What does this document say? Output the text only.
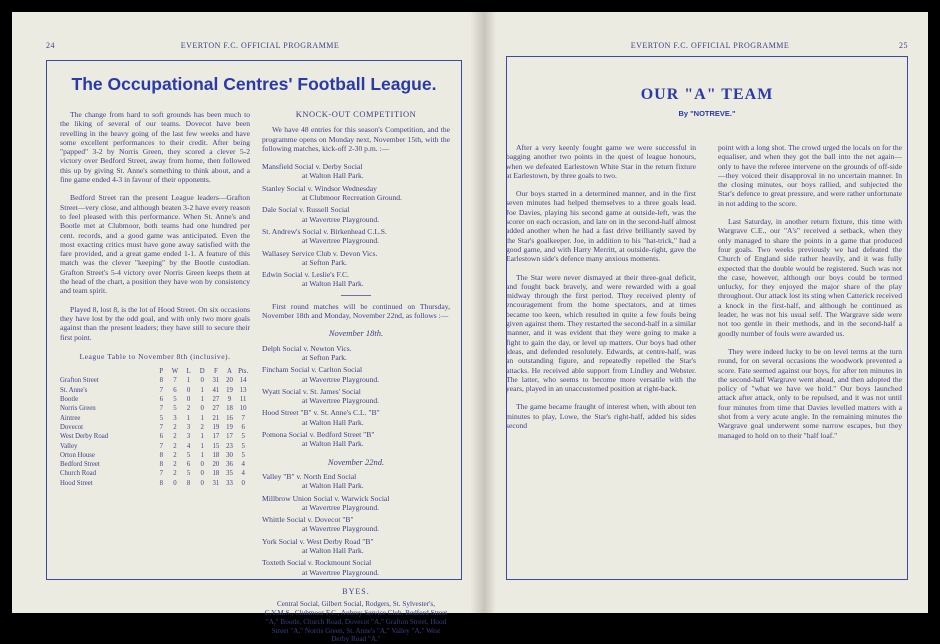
24	EVERTON F.C. OFFICIAL PROGRAMME
The Occupational Centres' Football League.

The change from hard to soft grounds has been much to the liking of several of our teams. Dovecot have been revelling in the heavy going of the last few weeks and have some excellent performances to their credit. After being "papped" 3-2 by Norris Green, they scored a clever 5-2 victory over Bedford Street, away from home, then followed this up by giving St. Anne's something to think about, and a fine game ended 4-3 in favour of their opponents.

Bedford Street ran the present League leaders—Grafton Street—very close, and although beaten 3-2 have every reason to feel pleased with this performance. When St. Anne's and Bootle met at Clubmoor, both teams had one hundred per cent. records, and a good game was anticipated. Even the most exacting critics must have gone away satisfied with the fare provided, and a great game ended 1-1. A feature of this match was the clever "keeping" by the Bootle custodian. Grafton Street's 5-4 victory over Norris Green keeps them at the head of the chart, a position they have won by consistency and team spirit.

Played 8, lost 8, is the lot of Hood Street. On six occasions they have lost by the odd goal, and with only two more goals against than the present leaders; they have still to secure their first point.

League Table to November 8th (inclusive).
	P	W	L	D	F	A	Pts.
Grafton Street	8	7	1	0	31	20	14
St. Anne's	7	6	0	1	41	19	13
Bootle	6	5	0	1	27	9	11
Norris Green	7	5	2	0	27	18	10
Aintree	5	3	1	1	21	16	7
Dovecot	7	2	3	2	19	19	6
West Derby Road	6	2	3	1	17	17	5
Valley	7	2	4	1	15	23	5
Orton House	8	2	5	1	18	30	5
Bedford Street	8	2	6	0	20	36	4
Church Road	7	2	5	0	18	35	4
Hood Street	8	0	8	0	31	33	0
KNOCK-OUT COMPETITION

We have 48 entries for this season's Competition, and the programme opens on Monday next, November 15th, with the following matches, kick-off 2-30 p.m. :—

Mansfield Social v. Derby Social
at Walton Hall Park.
Stanley Social v. Windsor Wednesday
at Clubmoor Recreation Ground.
Dale Social v. Russell Social
at Wavertree Playground.
St. Andrew's Social v. Birkenhead C.L.S.
at Wavertree Playground.
Wallasey Service Club v. Devon Vics.
at Sefton Park.
Edwin Social v. Leslie's F.C.
at Walton Hall Park.

First round matches will be continued on Thursday, November 18th and Monday, November 22nd, as follows :—

November 18th.
Delph Social v. Newton Vics.
at Sefton Park.
Fincham Social v. Carlton Social
at Wavertree Playground.
Wyatt Social v. St. James' Social
at Wavertree Playground.
Hood Street "B" v. St. Anne's C.L. "B"
at Walton Hall Park.
Pomona Social v. Bedford Street "B"
at Walton Hall Park.
November 22nd.
Valley "B" v. North End Social
at Walton Hall Park.
Millbrow Union Social v. Warwick Social
at Wavertree Playground.
Whittle Social v. Dovecot "B"
at Wavertree Playground.
York Social v. West Derby Road "B"
at Walton Hall Park.
Toxteth Social v. Rockmount Social
at Wavertree Playground.
BYES.
Central Social, Gilbert Social, Rodgers, St. Sylvester's, C.Y.M.S., Clubmoor F.C., Aubrey Service Club, Bedford Street "A," Bootle, Church Road, Dovecot "A," Grafton Street, Hood Street "A," Norris Green, St. Anne's "A," Valley "A," West Derby Road "A."
EVERTON F.C. OFFICIAL PROGRAMME	25
OUR "A" TEAM
By "NOTREVE."

After a very keenly fought game we were successful in bagging another two points in the quest of league honours, when we defeated Earlestown White Star in the return fixture at Earlestown, by three goals to two.

Our boys started in a determined manner, and in the first seven minutes had helped themselves to a three goals lead. Joe Davies, playing his second game at outside-left, was the scorer on each occasion, and late on in the second-half almost added another when he had a fast drive brilliantly saved by the Star's goalkeeper. Joe, in addition to his "hat-trick," had a good game, and with Harry Merritt, at outside-right, gave the Earlestown side's defence many anxious moments.

The Star were never dismayed at their three-goal deficit, and fought back bravely, and were rewarded with a goal midway through the first period. They received plenty of encouragement from the home spectators, and at times became too keen, which resulted in quite a few fouls being given against them. They restarted the second-half in a similar manner, and it was evident that they were going to make a fight to gain the day, or level up matters. Our boys had other ideas, and defended resolutely. Edwards, at centre-half, was an outstanding figure, and repeatedly repelled the Star's attacks. He received able support from Lindley and Webster. The latter, who seems to become more versatile with the years, played in an unaccustomed position at right-back.

The game became fraught of interest when, with about ten minutes to play, Lowe, the Star's right-half, added his sides second

point with a long shot. The crowd urged the locals on for the equaliser, and when they got the ball into the net again—only to have the referee intervene on the grounds of off-side—they voiced their disapproval in no uncertain manner. In the closing minutes, our boys rallied, and subjected the Star's defence to great pressure, and were rather unfortunate in not adding to the score.

Last Saturday, in another return fixture, this time with Wargrave C.E., our "A's" received a setback, when they only managed to share the points in a game that produced four goals. Two weeks previously we had defeated the Church of England side rather heavily, and it was fully expected that the double would be registered. Such was not the case, however, although our boys could be termed unlucky, for they enjoyed the major share of the play throughout. Our attack lost its sting when Catterick received a knock in the first-half, and although he continued as leader, he was not his usual self. The Wargrave side were not too gentle in their methods, and in the second-half a goodly number of fouls were awarded us.

They were indeed lucky to be on level terms at the turn round, for on several occasions the woodwork prevented a score. Fate seemed against our boys, for after ten minutes in the second-half Wargrave went ahead, and then adopted the policy of "what we have we hold." Our boys launched attack after attack, only to be repulsed, and it was not until four minutes from time that Davies levelled matters with a shot from a very acute angle. In the remaining minutes the Wargrave goal underwent some narrow escapes, but they managed to hold on to their "half loaf."
